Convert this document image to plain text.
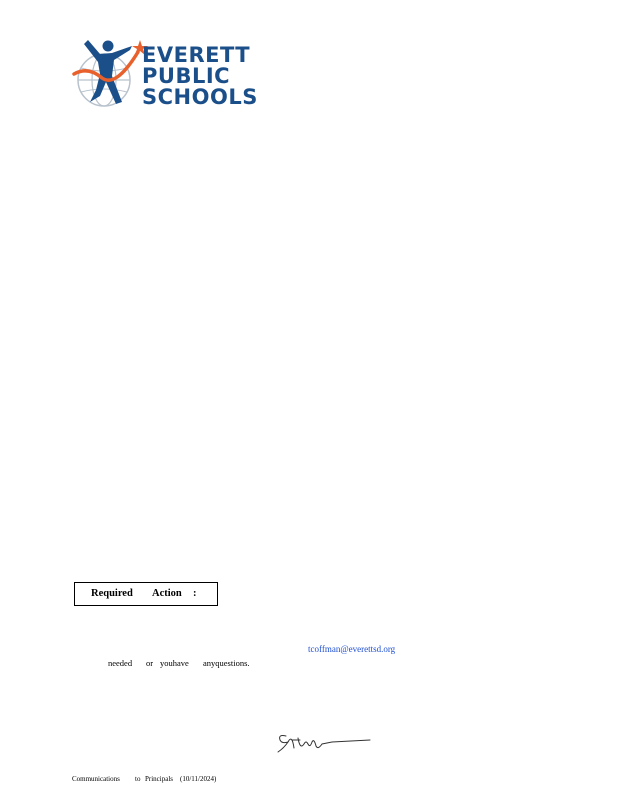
EVERETT
PUBLIC
SCHOOLS
Required Action :
tcoffman@everettsd.org
needed or youhave anyquestions.
Communications to Principals (10/11/2024)
